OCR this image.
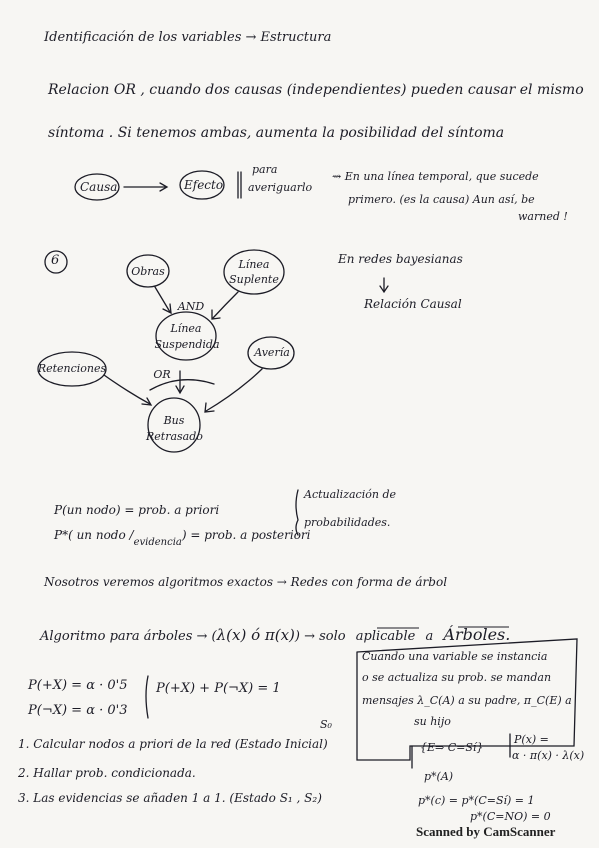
Identificación de los variables → Estructura
Relacion OR , cuando dos causas (independientes) pueden causar el mismo
síntoma . Si tenemos ambas, aumenta la posibilidad del síntoma
Causa	Efecto
para
averiguarlo
⇝ En una línea temporal, que sucede
primero. (es la causa) Aun así, be
warned !
6
Obras
Línea
Suplente
AND
Línea
Suspendida
Avería
Retenciones	OR
Bus
Retrasado
En redes bayesianas
Relación Causal
P(un nodo) = prob. a priori
P*( un nodo $/_{evidencia}$) = prob. a posteriori
Actualización de
probabilidades.
Nosotros veremos algoritmos exactos → Redes con forma de árbol
Algoritmo para árboles → (λ(x) ó π(x)) → solo aplicable a Árboles.
Cuando una variable se instancia
o se actualiza su prob. se mandan
mensajes λ_C(A) a su padre, π_C(E) a
su hijo
{E⇒ C=Sí}
P(x) =
α · π(x) · λ(x)
p*(A)
p*(c) = p*(C=Sí) = 1
p*(C=NO) = 0
P(+X) = α · 0'5
P(¬X) = α · 0'3
P(+X) + P(¬X) = 1
1. Calcular nodos a priori de la red (Estado Inicial)
S₀
2. Hallar prob. condicionada.
3. Las evidencias se añaden 1 a 1. (Estado S₁ , S₂)
Scanned by CamScanner
